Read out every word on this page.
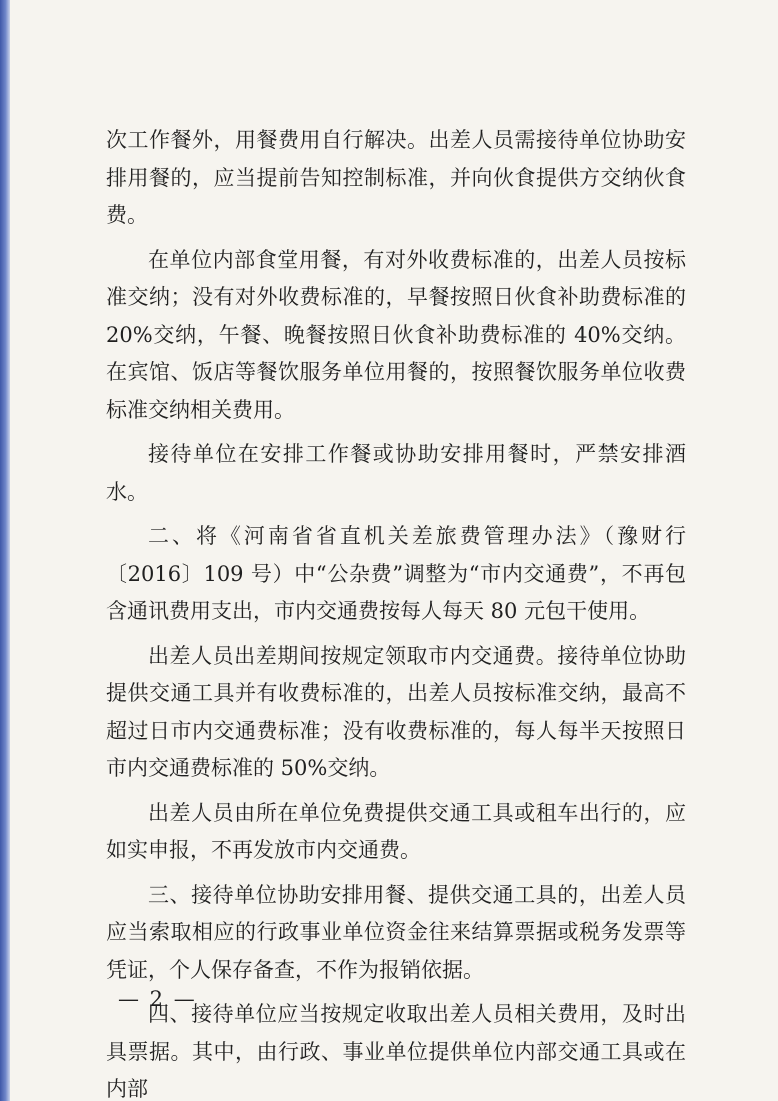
次工作餐外，用餐费用自行解决。出差人员需接待单位协助安排用餐的，应当提前告知控制标准，并向伙食提供方交纳伙食费。

在单位内部食堂用餐，有对外收费标准的，出差人员按标准交纳；没有对外收费标准的，早餐按照日伙食补助费标准的20%交纳，午餐、晚餐按照日伙食补助费标准的 40%交纳。在宾馆、饭店等餐饮服务单位用餐的，按照餐饮服务单位收费标准交纳相关费用。

接待单位在安排工作餐或协助安排用餐时，严禁安排酒水。

二、将《河南省省直机关差旅费管理办法》（豫财行〔2016〕109 号）中“公杂费”调整为“市内交通费”，不再包含通讯费用支出，市内交通费按每人每天 80 元包干使用。

出差人员出差期间按规定领取市内交通费。接待单位协助提供交通工具并有收费标准的，出差人员按标准交纳，最高不超过日市内交通费标准；没有收费标准的，每人每半天按照日市内交通费标准的 50%交纳。

出差人员由所在单位免费提供交通工具或租车出行的，应如实申报，不再发放市内交通费。

三、接待单位协助安排用餐、提供交通工具的，出差人员应当索取相应的行政事业单位资金往来结算票据或税务发票等凭证，个人保存备查，不作为报销依据。

四、接待单位应当按规定收取出差人员相关费用，及时出具票据。其中，由行政、事业单位提供单位内部交通工具或在内部

— 2 —
